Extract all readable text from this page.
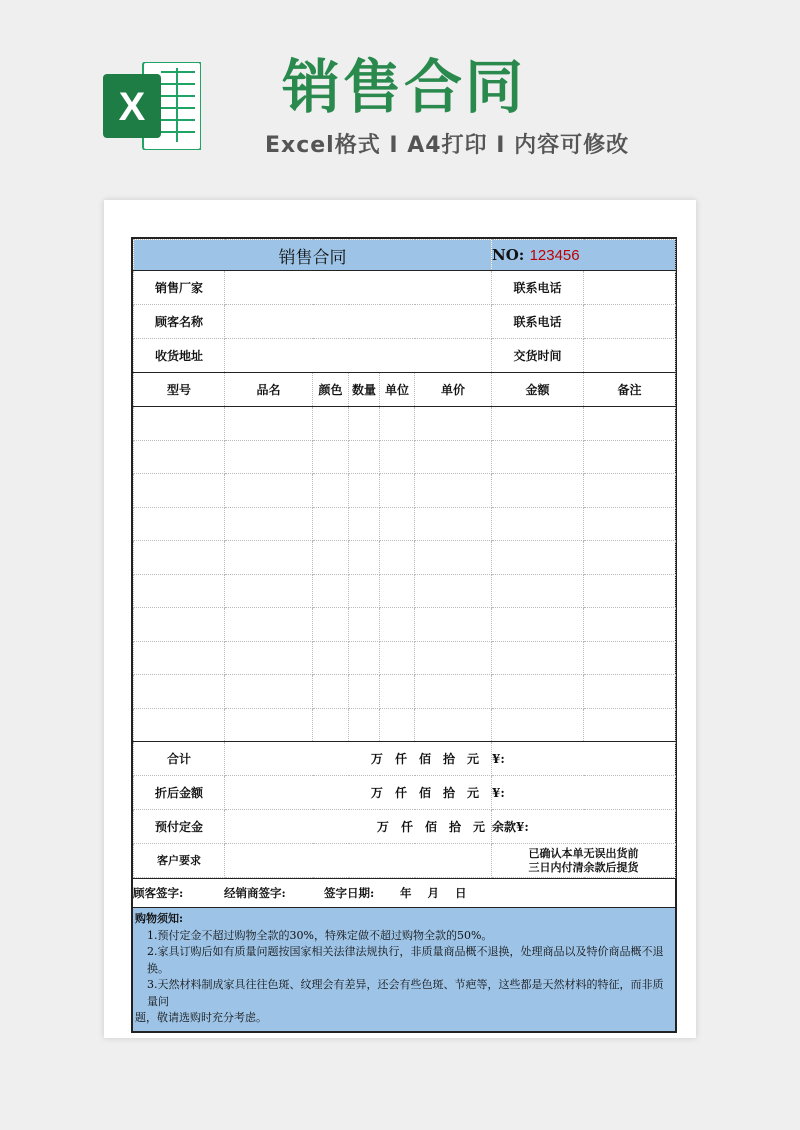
X 销售合同
Excel格式 I A4打印 I 内容可修改
销售合同						NO: 123456	
销售厂家						联系电话	
顾客名称						联系电话	
收货地址						交货时间	
型号	品名	颜色	数量	单位	单价	金额	备注

合计	万 仟 佰 拾 元					¥:	
折后金额	万 仟 佰 拾 元					¥:	
预付定金	万 仟 佰 拾 元					余款¥:	
客户要求						已确认本单无误出货前
三日内付清余款后提货	
顾客签字:	经销商签字:	签字日期:	年 月 日
购物须知:
1.预付定金不超过购物全款的30%，特殊定做不超过购物全款的50%。
2.家具订购后如有质量问题按国家相关法律法规执行，非质量商品概不退换，处理商品以及特价商品概不退换。
3.天然材料制成家具往往色斑、纹理会有差异，还会有些色斑、节疤等，这些都是天然材料的特征，而非质量问
题，敬请选购时充分考虑。
